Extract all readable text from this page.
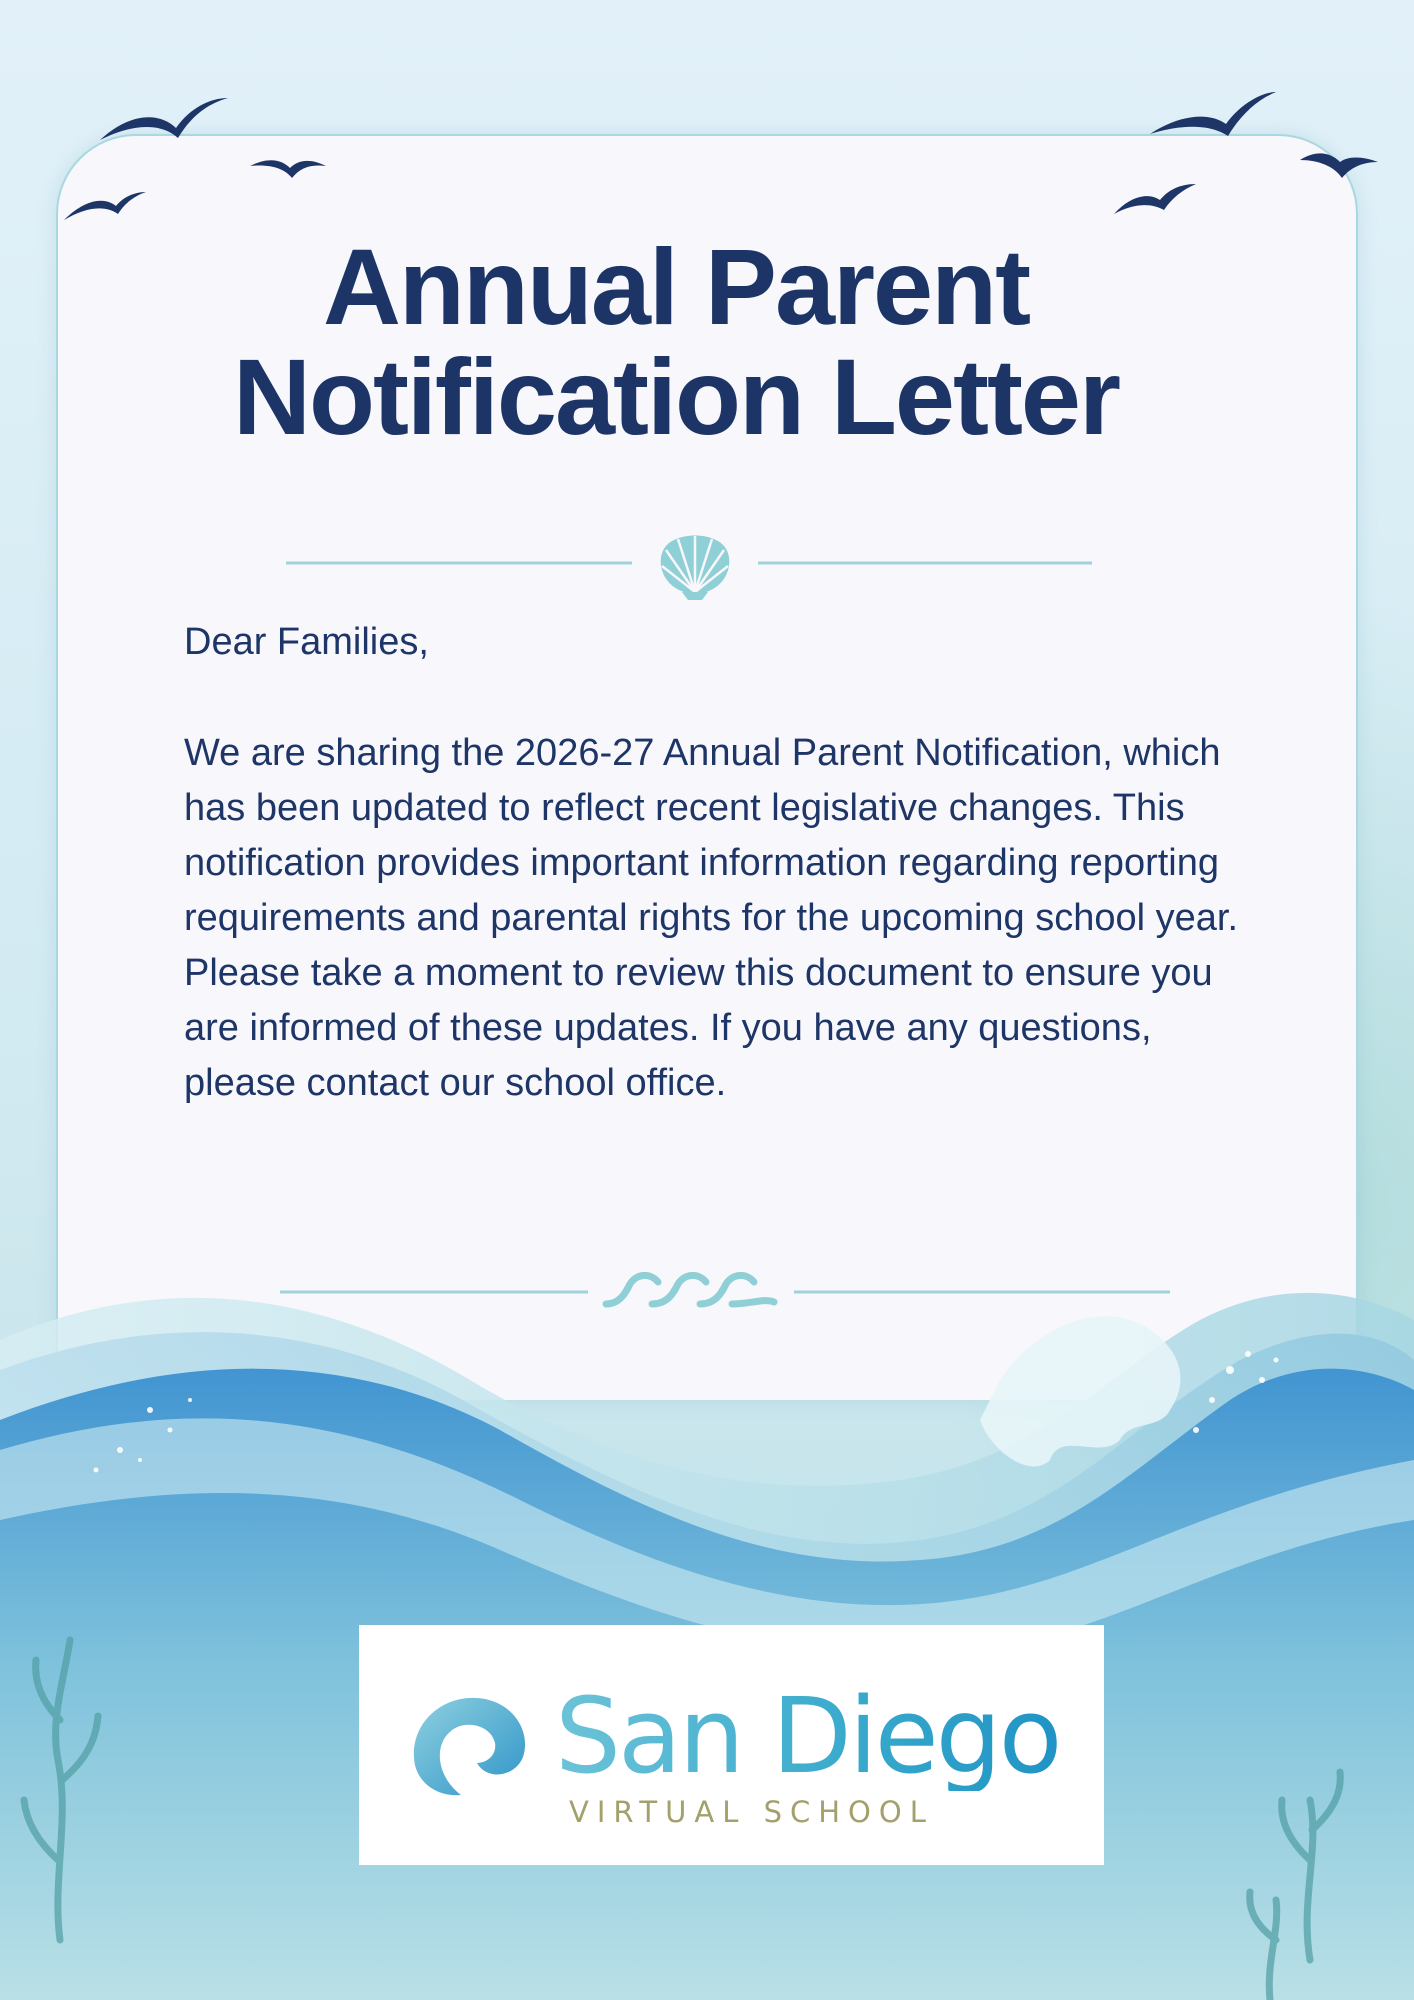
Annual Parent
Notification Letter

Dear Families,

We are sharing the 2026-27 Annual Parent Notification, which has been updated to reflect recent legislative changes. This notification provides important information regarding reporting requirements and parental rights for the upcoming school year. Please take a moment to review this document to ensure you are informed of these updates. If you have any questions, please contact our school office.

San Diego

VIRTUAL SCHOOL
